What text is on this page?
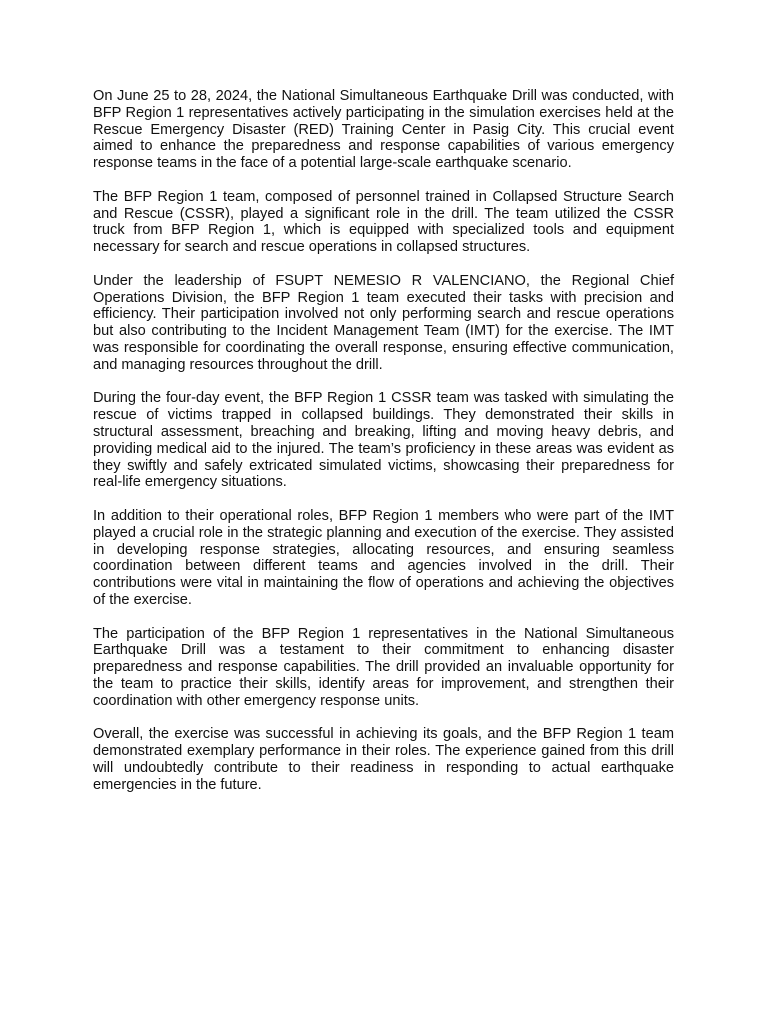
On June 25 to 28, 2024, the National Simultaneous Earthquake Drill was conducted, with BFP Region 1 representatives actively participating in the simulation exercises held at the Rescue Emergency Disaster (RED) Training Center in Pasig City. This crucial event aimed to enhance the preparedness and response capabilities of various emergency response teams in the face of a potential large-scale earthquake scenario.

The BFP Region 1 team, composed of personnel trained in Collapsed Structure Search and Rescue (CSSR), played a significant role in the drill. The team utilized the CSSR truck from BFP Region 1, which is equipped with specialized tools and equipment necessary for search and rescue operations in collapsed structures.

Under the leadership of FSUPT NEMESIO R VALENCIANO, the Regional Chief Operations Division, the BFP Region 1 team executed their tasks with precision and efficiency. Their participation involved not only performing search and rescue operations but also contributing to the Incident Management Team (IMT) for the exercise. The IMT was responsible for coordinating the overall response, ensuring effective communication, and managing resources throughout the drill.

During the four-day event, the BFP Region 1 CSSR team was tasked with simulating the rescue of victims trapped in collapsed buildings. They demonstrated their skills in structural assessment, breaching and breaking, lifting and moving heavy debris, and providing medical aid to the injured. The team’s proficiency in these areas was evident as they swiftly and safely extricated simulated victims, showcasing their preparedness for real-life emergency situations.

In addition to their operational roles, BFP Region 1 members who were part of the IMT played a crucial role in the strategic planning and execution of the exercise. They assisted in developing response strategies, allocating resources, and ensuring seamless coordination between different teams and agencies involved in the drill. Their contributions were vital in maintaining the flow of operations and achieving the objectives of the exercise.

The participation of the BFP Region 1 representatives in the National Simultaneous Earthquake Drill was a testament to their commitment to enhancing disaster preparedness and response capabilities. The drill provided an invaluable opportunity for the team to practice their skills, identify areas for improvement, and strengthen their coordination with other emergency response units.

Overall, the exercise was successful in achieving its goals, and the BFP Region 1 team demonstrated exemplary performance in their roles. The experience gained from this drill will undoubtedly contribute to their readiness in responding to actual earthquake emergencies in the future.
